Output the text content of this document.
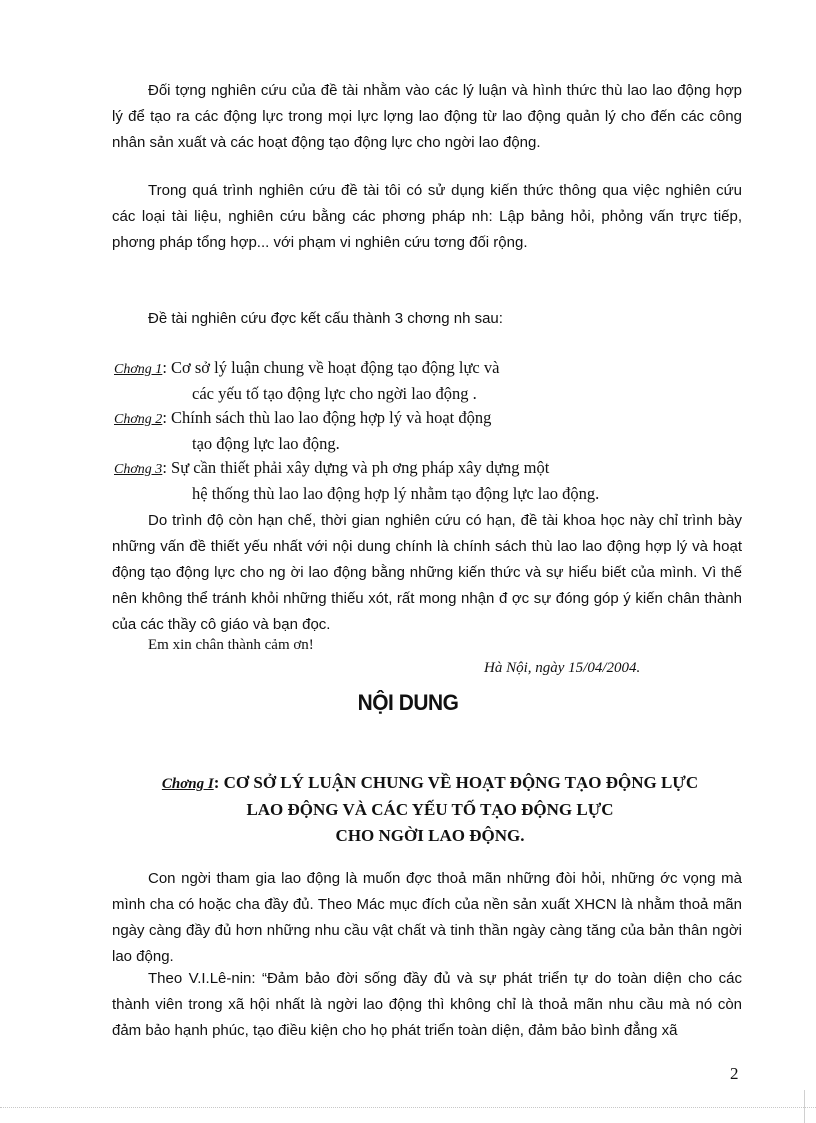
Đối tợng nghiên cứu của đề tài nhằm vào các lý luận và hình thức thù lao lao động hợp lý để tạo ra các động lực trong mọi lực lợng lao động từ lao động quản lý cho đến các công nhân sản xuất và các hoạt động tạo động lực cho ngời lao động.
Trong quá trình nghiên cứu đề tài tôi có sử dụng kiến thức thông qua việc nghiên cứu các loại tài liệu, nghiên cứu bằng các phơng pháp nh: Lập bảng hỏi, phỏng vấn trực tiếp, phơng pháp tổng hợp... với phạm vi nghiên cứu tơng đối rộng.
Đề tài nghiên cứu đợc kết cấu thành 3 chơng nh sau:
Chơng 1: Cơ sở lý luận chung về hoạt động tạo động lực và
các yếu tố tạo động lực cho ngời lao động .
Chơng 2: Chính sách thù lao lao động hợp lý và hoạt động
tạo động lực lao động.
Chơng 3: Sự cần thiết phải xây dựng và ph ơng pháp xây dựng một
hệ thống thù lao lao động hợp lý nhằm tạo động lực lao động.
Do trình độ còn hạn chế, thời gian nghiên cứu có hạn, đề tài khoa học này chỉ trình bày những vấn đề thiết yếu nhất với nội dung chính là chính sách thù lao lao động hợp lý và hoạt động tạo động lực cho ng ời lao động bằng những kiến thức và sự hiểu biết của mình. Vì thế nên không thể tránh khỏi những thiếu xót, rất mong nhận đ ợc sự đóng góp ý kiến chân thành của các thầy cô giáo và bạn đọc.
Em xin chân thành cảm ơn!
Hà Nội, ngày 15/04/2004.
NỘI DUNG
Chơng I: CƠ SỞ LÝ LUẬN CHUNG VỀ HOẠT ĐỘNG TẠO ĐỘNG LỰC
LAO ĐỘNG VÀ CÁC YẾU TỐ TẠO ĐỘNG LỰC
CHO NGỜI LAO ĐỘNG.
Con ngời tham gia lao động là muốn đợc thoả mãn những đòi hỏi, những ớc vọng mà mình cha có hoặc cha đầy đủ. Theo Mác mục đích của nền sản xuất XHCN là nhằm thoả mãn ngày càng đầy đủ hơn những nhu cầu vật chất và tinh thần ngày càng tăng của bản thân ngời lao động.
Theo V.I.Lê-nin: “Đảm bảo đời sống đầy đủ và sự phát triển tự do toàn diện cho các thành viên trong xã hội nhất là ngời lao động thì không chỉ là thoả mãn nhu cầu mà nó còn đảm bảo hạnh phúc, tạo điều kiện cho họ phát triển toàn diện, đảm bảo bình đẳng xã
2
